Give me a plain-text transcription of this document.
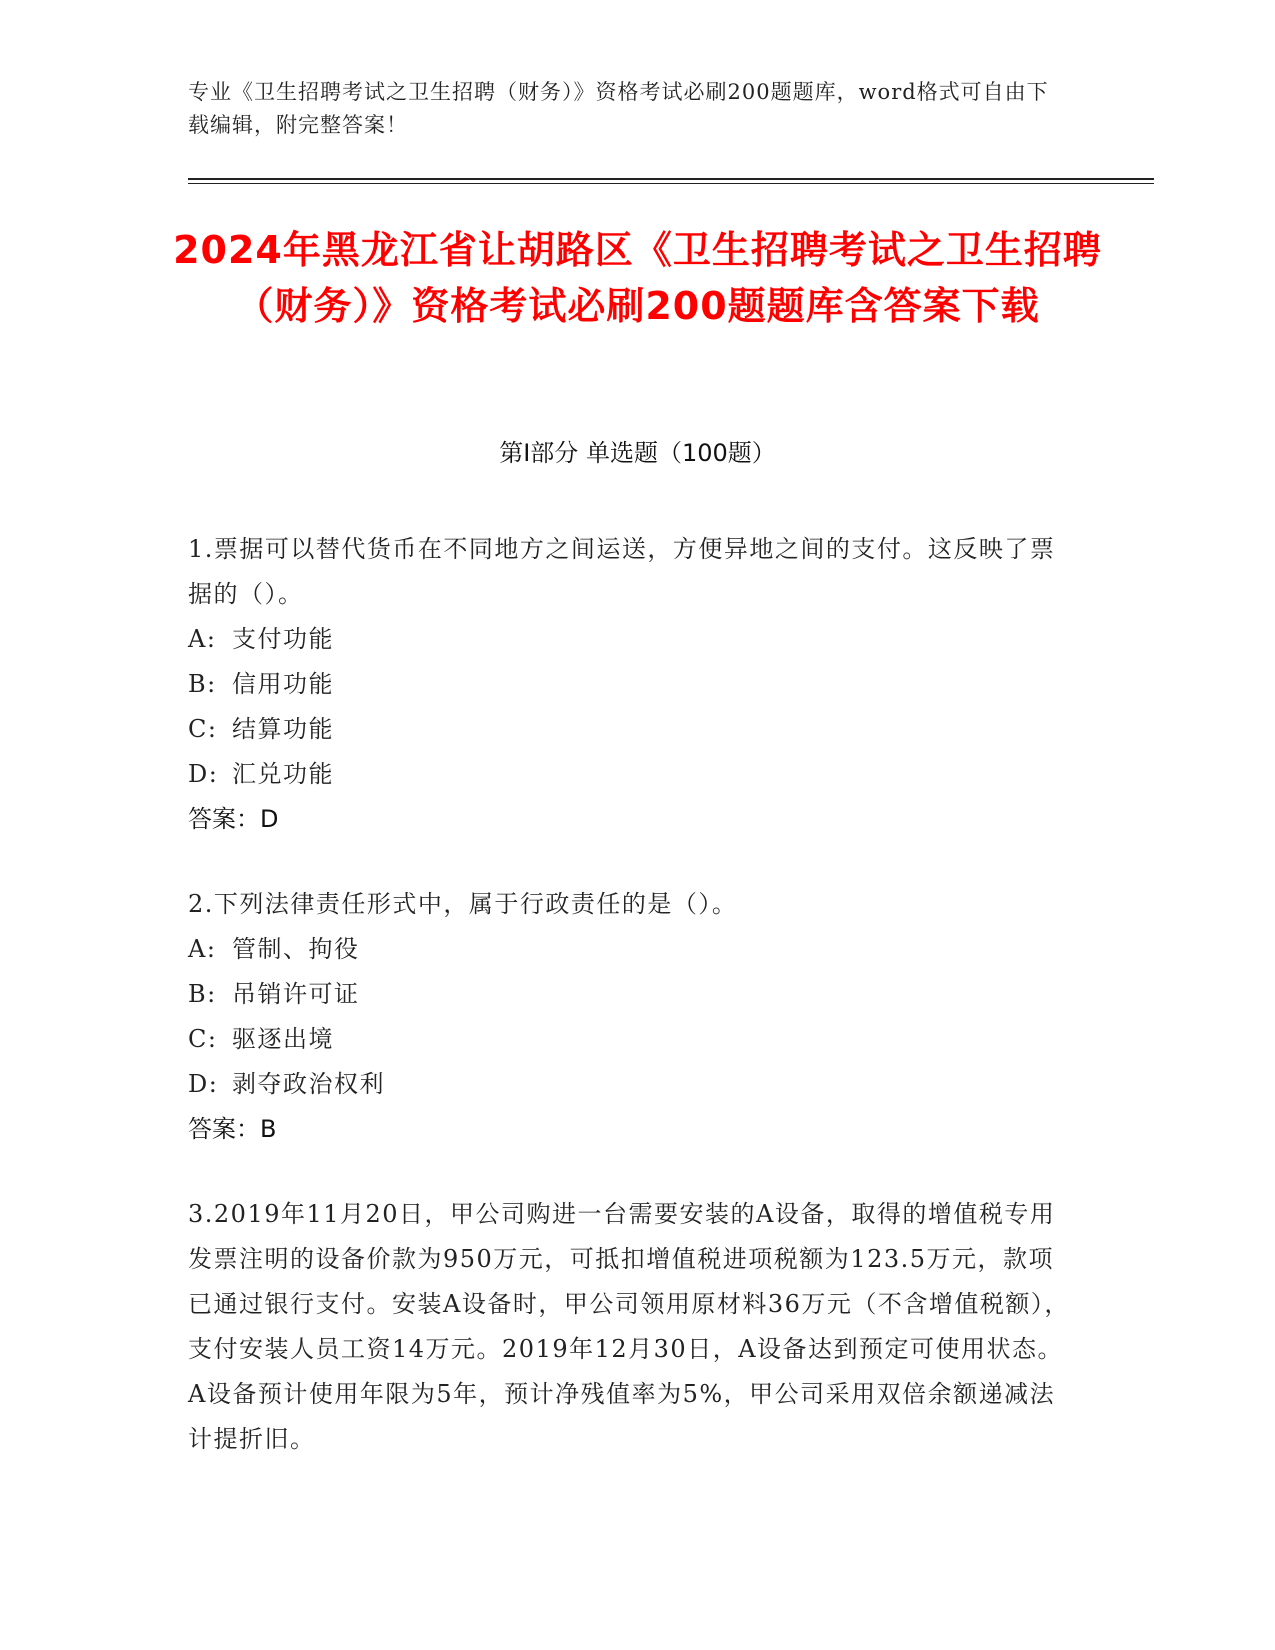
专业《卫生招聘考试之卫生招聘（财务）》资格考试必刷200题题库，word格式可自由下载编辑，附完整答案！
2024年黑龙江省让胡路区《卫生招聘考试之卫生招聘（财务）》资格考试必刷200题题库含答案下载
第Ⅰ部分 单选题（100题）
1.票据可以替代货币在不同地方之间运送，方便异地之间的支付。这反映了票据的（）。
A: 支付功能
B: 信用功能
C: 结算功能
D: 汇兑功能
答案：D
2.下列法律责任形式中，属于行政责任的是（）。
A: 管制、拘役
B: 吊销许可证
C: 驱逐出境
D: 剥夺政治权利
答案：B
3.2019年11月20日，甲公司购进一台需要安装的A设备，取得的增值税专用发票注明的设备价款为950万元，可抵扣增值税进项税额为123.5万元，款项已通过银行支付。安装A设备时，甲公司领用原材料36万元（不含增值税额），支付安装人员工资14万元。2019年12月30日，A设备达到预定可使用状态。A设备预计使用年限为5年，预计净残值率为5%，甲公司采用双倍余额递减法计提折旧。
